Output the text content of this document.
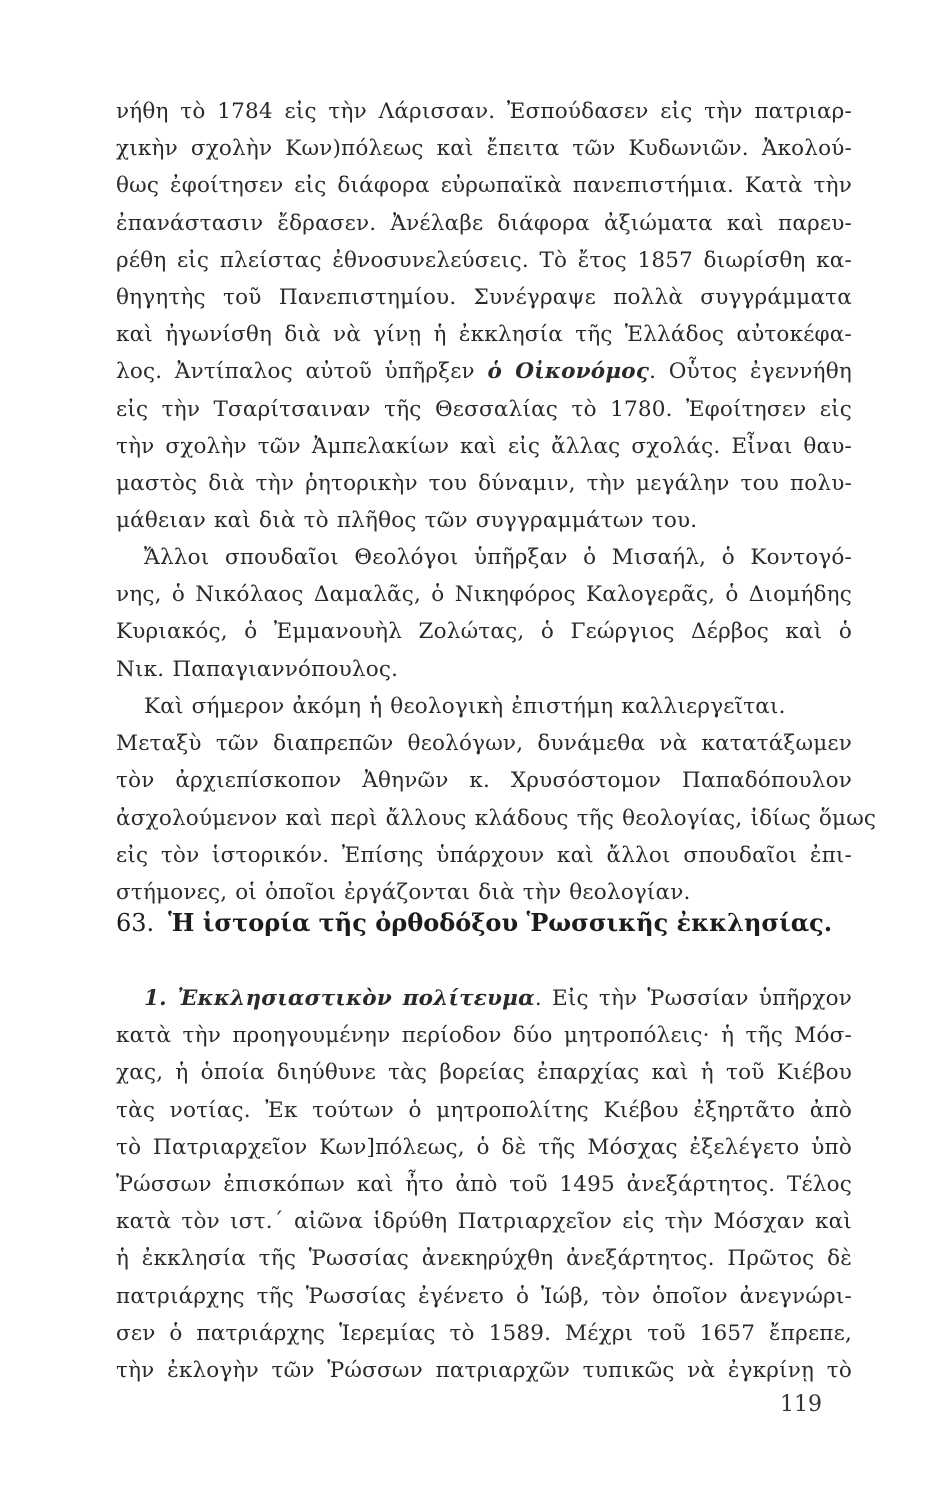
νήθη τὸ 1784 εἰς τὴν Λάρισσαν. Ἐσπούδασεν εἰς τὴν πατριαρ-
χικὴν σχολὴν Κων)πόλεως καὶ ἔπειτα τῶν Κυδωνιῶν. Ἀκολού-
θως ἐφοίτησεν εἰς διάφορα εὐρωπαϊκὰ πανεπιστήμια. Κατὰ τὴν
ἐπανάστασιν ἔδρασεν. Ἀνέλαβε διάφορα ἀξιώματα καὶ παρευ-
ρέθη εἰς πλείστας ἐθνοσυνελεύσεις. Τὸ ἔτος 1857 διωρίσθη κα-
θηγητὴς τοῦ Πανεπιστημίου. Συνέγραψε πολλὰ συγγράμματα
καὶ ἠγωνίσθη διὰ νὰ γίνῃ ἡ ἐκκλησία τῆς Ἑλλάδος αὐτοκέφα-
λος. Ἀντίπαλος αὐτοῦ ὑπῆρξεν ὁ Οἰκονόμος. Οὗτος ἐγεννήθη
εἰς τὴν Τσαρίτσαιναν τῆς Θεσσαλίας τὸ 1780. Ἐφοίτησεν εἰς
τὴν σχολὴν τῶν Ἀμπελακίων καὶ εἰς ἄλλας σχολάς. Εἶναι θαυ-
μαστὸς διὰ τὴν ῥητορικὴν του δύναμιν, τὴν μεγάλην του πολυ-
μάθειαν καὶ διὰ τὸ πλῆθος τῶν συγγραμμάτων του.
Ἄλλοι σπουδαῖοι Θεολόγοι ὑπῆρξαν ὁ Μισαήλ, ὁ Κοντογό-
νης, ὁ Νικόλαος Δαμαλᾶς, ὁ Νικηφόρος Καλογερᾶς, ὁ Διομήδης
Κυριακός, ὁ Ἐμμανουὴλ Ζολώτας, ὁ Γεώργιος Δέρβος καὶ ὁ
Νικ. Παπαγιαννόπουλος.
Καὶ σήμερον ἀκόμη ἡ θεολογικὴ ἐπιστήμη καλλιεργεῖται.
Μεταξὺ τῶν διαπρεπῶν θεολόγων, δυνάμεθα νὰ κατατάξωμεν
τὸν ἀρχιεπίσκοπον Ἀθηνῶν κ. Χρυσόστομον Παπαδόπουλον
ἀσχολούμενον καὶ περὶ ἄλλους κλάδους τῆς θεολογίας, ἰδίως ὅμως
εἰς τὸν ἱστορικόν. Ἐπίσης ὑπάρχουν καὶ ἄλλοι σπουδαῖοι ἐπι-
στήμονες, οἱ ὁποῖοι ἐργάζονται διὰ τὴν θεολογίαν.
63. Ἡ ἱστορία τῆς ὀρθοδόξου Ῥωσσικῆς ἐκκλησίας.
1. Ἐκκλησιαστικὸν πολίτευμα. Εἰς τὴν Ῥωσσίαν ὑπῆρχον
κατὰ τὴν προηγουμένην περίοδον δύο μητροπόλεις· ἡ τῆς Μόσ-
χας, ἡ ὁποία διηύθυνε τὰς βορείας ἐπαρχίας καὶ ἡ τοῦ Κιέβου
τὰς νοτίας. Ἐκ τούτων ὁ μητροπολίτης Κιέβου ἐξηρτᾶτο ἀπὸ
τὸ Πατριαρχεῖον Κων]πόλεως, ὁ δὲ τῆς Μόσχας ἐξελέγετο ὑπὸ
Ῥώσσων ἐπισκόπων καὶ ἦτο ἀπὸ τοῦ 1495 ἀνεξάρτητος. Τέλος
κατὰ τὸν ιστ.´ αἰῶνα ἱδρύθη Πατριαρχεῖον εἰς τὴν Μόσχαν καὶ
ἡ ἐκκλησία τῆς Ῥωσσίας ἀνεκηρύχθη ἀνεξάρτητος. Πρῶτος δὲ
πατριάρχης τῆς Ῥωσσίας ἐγένετο ὁ Ἰώβ, τὸν ὁποῖον ἀνεγνώρι-
σεν ὁ πατριάρχης Ἱερεμίας τὸ 1589. Μέχρι τοῦ 1657 ἔπρεπε,
τὴν ἐκλογὴν τῶν Ῥώσσων πατριαρχῶν τυπικῶς νὰ ἐγκρίνῃ τὸ
119
